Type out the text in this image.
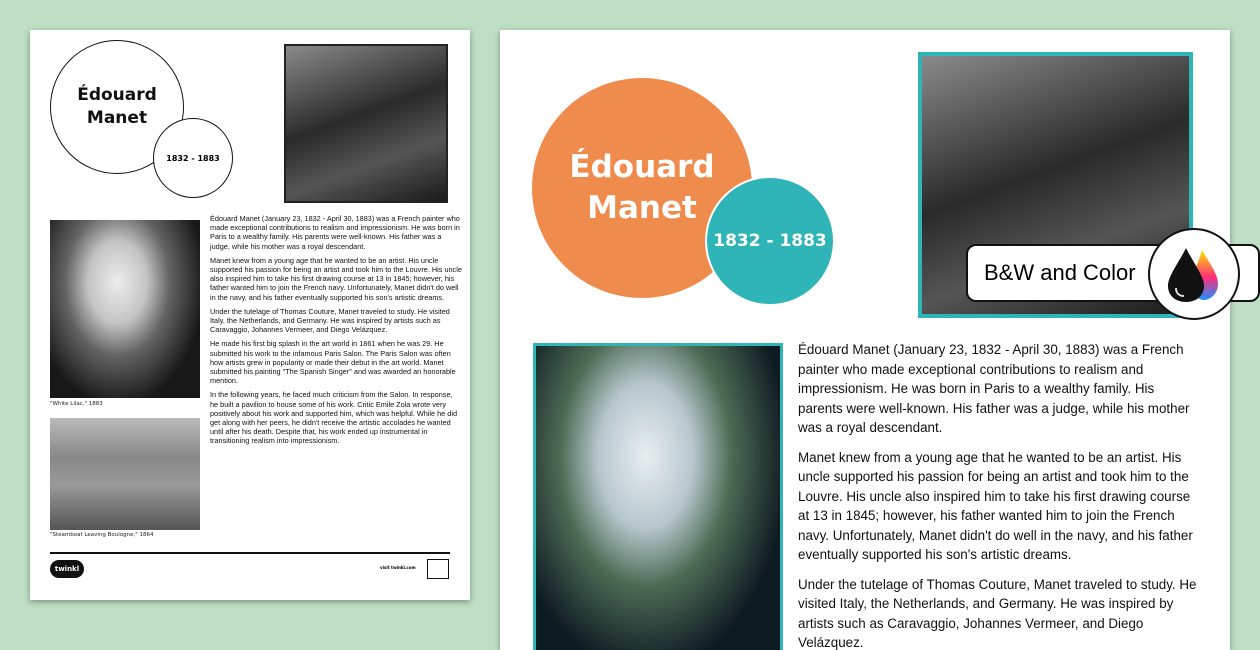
Édouard
Manet
1832 - 1883
"White Lilac," 1883
"Steamboat Leaving Boulogne," 1864

Édouard Manet (January 23, 1832 - April 30, 1883) was a French painter who made exceptional contributions to realism and impressionism. He was born in Paris to a wealthy family. His parents were well-known. His father was a judge, while his mother was a royal descendant.

Manet knew from a young age that he wanted to be an artist. His uncle supported his passion for being an artist and took him to the Louvre. His uncle also inspired him to take his first drawing course at 13 in 1845; however, his father wanted him to join the French navy. Unfortunately, Manet didn't do well in the navy, and his father eventually supported his son's artistic dreams.

Under the tutelage of Thomas Couture, Manet traveled to study. He visited Italy, the Netherlands, and Germany. He was inspired by artists such as Caravaggio, Johannes Vermeer, and Diego Velázquez.

He made his first big splash in the art world in 1861 when he was 29. He submitted his work to the infamous Paris Salon. The Paris Salon was often how artists grew in popularity or made their debut in the art world. Manet submitted his painting "The Spanish Singer" and was awarded an honorable mention.

In the following years, he faced much criticism from the Salon. In response, he built a pavilion to house some of his work. Critic Emile Zola wrote very positively about his work and supported him, which was helpful. While he did get along with her peers, he didn't receive the artistic accolades he wanted until after his death. Despite that, his work ended up instrumental in transitioning realism into impressionism.

twinkl	visit twinkl.com
Édouard
Manet
1832 - 1883

Édouard Manet (January 23, 1832 - April 30, 1883) was a French painter who made exceptional contributions to realism and impressionism. He was born in Paris to a wealthy family. His parents were well-known. His father was a judge, while his mother was a royal descendant.

Manet knew from a young age that he wanted to be an artist. His uncle supported his passion for being an artist and took him to the Louvre. His uncle also inspired him to take his first drawing course at 13 in 1845; however, his father wanted him to join the French navy. Unfortunately, Manet didn't do well in the navy, and his father eventually supported his son's artistic dreams.

Under the tutelage of Thomas Couture, Manet traveled to study. He visited Italy, the Netherlands, and Germany. He was inspired by artists such as Caravaggio, Johannes Vermeer, and Diego Velázquez.

B&W and Color
